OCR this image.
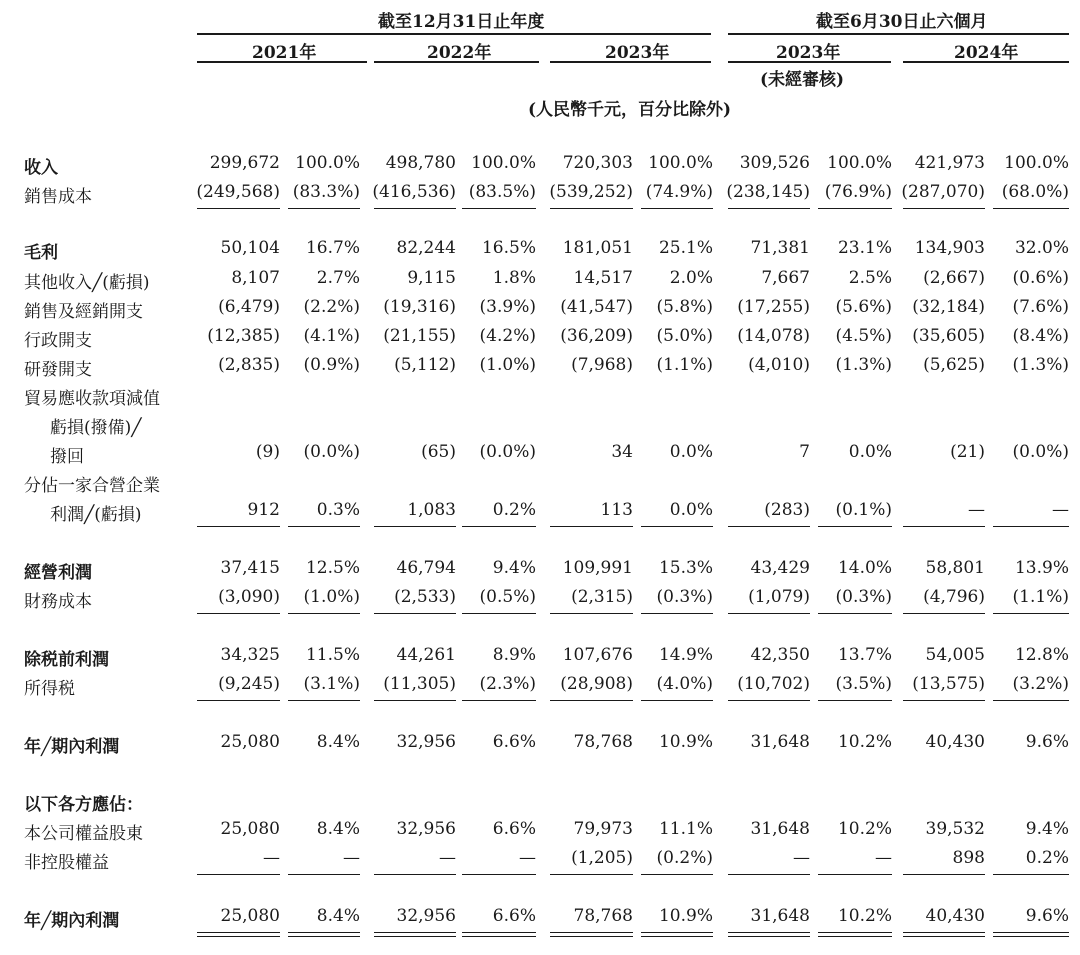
截至12月31日止年度	截至6月30日止六個月
2021年	2022年	2023年	2023年	2024年
(未經審核)
(人民幣千元，百分比除外)
收入	299,672 100.0% 498,780 100.0% 720,303 100.0% 309,526 100.0% 421,973 100.0%
銷售成本	(249,568) (83.3%) (416,536) (83.5%) (539,252) (74.9%) (238,145) (76.9%) (287,070) (68.0%)
毛利	50,104 16.7% 82,244 16.5% 181,051 25.1% 71,381 23.1% 134,903 32.0%
其他收入╱(虧損)	8,107 2.7%	9,115 1.8% 14,517 2.0%	7,667 2.5% (2,667) (0.6%)
銷售及經銷開支	(6,479) (2.2%) (19,316) (3.9%) (41,547) (5.8%) (17,255) (5.6%) (32,184) (7.6%)
行政開支	(12,385) (4.1%) (21,155) (4.2%) (36,209) (5.0%) (14,078) (4.5%) (35,605) (8.4%)
研發開支	(2,835) (0.9%) (5,112) (1.0%) (7,968) (1.1%) (4,010) (1.3%) (5,625) (1.3%)
貿易應收款項減值
虧損(撥備)╱
撥回	(9) (0.0%)	(65) (0.0%)	34 0.0%	7 0.0%	(21) (0.0%)
分佔一家合營企業
利潤╱(虧損)	912 0.3%	1,083 0.2%	113 0.0%	(283) (0.1%)	—	—
經營利潤	37,415 12.5% 46,794 9.4% 109,991 15.3% 43,429 14.0% 58,801 13.9%
財務成本	(3,090) (1.0%) (2,533) (0.5%) (2,315) (0.3%) (1,079) (0.3%) (4,796) (1.1%)
除税前利潤	34,325 11.5% 44,261 8.9% 107,676 14.9% 42,350 13.7% 54,005 12.8%
所得税	(9,245) (3.1%) (11,305) (2.3%) (28,908) (4.0%) (10,702) (3.5%) (13,575) (3.2%)
年╱期內利潤	25,080 8.4% 32,956 6.6% 78,768 10.9% 31,648 10.2% 40,430 9.6%
以下各方應佔：
本公司權益股東	25,080 8.4% 32,956 6.6% 79,973 11.1% 31,648 10.2% 39,532 9.4%
非控股權益	—	—	—	— (1,205) (0.2%)	—	—	898 0.2%
年╱期內利潤	25,080 8.4% 32,956 6.6% 78,768 10.9% 31,648 10.2% 40,430 9.6%
